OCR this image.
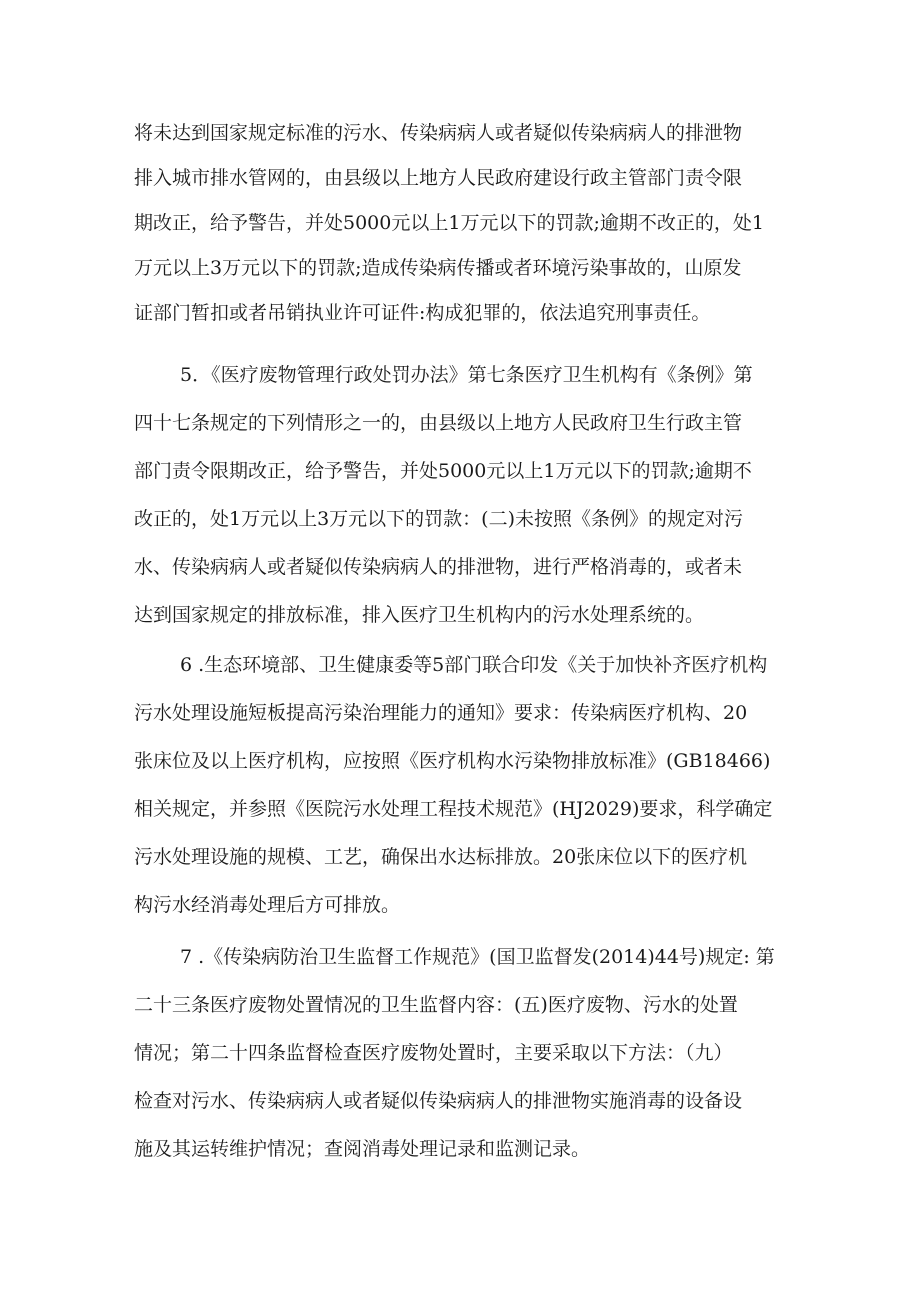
将未达到国家规定标准的污水、传染病病人或者疑似传染病病人的排泄物
排入城市排水管网的，由县级以上地方人民政府建设行政主管部门责令限
期改正，给予警告，并处5000元以上1万元以下的罚款;逾期不改正的，处1
万元以上3万元以下的罚款;造成传染病传播或者环境污染事故的，山原发
证部门暂扣或者吊销执业许可证件:构成犯罪的，依法追究刑事责任。
5．《医疗废物管理行政处罚办法》第七条医疗卫生机构有《条例》第
四十七条规定的下列情形之一的，由县级以上地方人民政府卫生行政主管
部门责令限期改正，给予警告，并处5000元以上1万元以下的罚款;逾期不
改正的，处1万元以上3万元以下的罚款：(二)未按照《条例》的规定对污
水、传染病病人或者疑似传染病病人的排泄物，进行严格消毒的，或者未
达到国家规定的排放标准，排入医疗卫生机构内的污水处理系统的。
6 .生态环境部、卫生健康委等5部门联合印发《关于加快补齐医疗机构
污水处理设施短板提高污染治理能力的通知》要求：传染病医疗机构、20
张床位及以上医疗机构，应按照《医疗机构水污染物排放标准》(GB18466)
相关规定，并参照《医院污水处理工程技术规范》(HJ2029)要求，科学确定
污水处理设施的规模、工艺，确保出水达标排放。20张床位以下的医疗机
构污水经消毒处理后方可排放。
7 .《传染病防治卫生监督工作规范》(国卫监督发(2014)44号)规定: 第
二十三条医疗废物处置情况的卫生监督内容：(五)医疗废物、污水的处置
情况；第二十四条监督检查医疗废物处置时，主要采取以下方法：（九）
检查对污水、传染病病人或者疑似传染病病人的排泄物实施消毒的设备设
施及其运转维护情况；查阅消毒处理记录和监测记录。
